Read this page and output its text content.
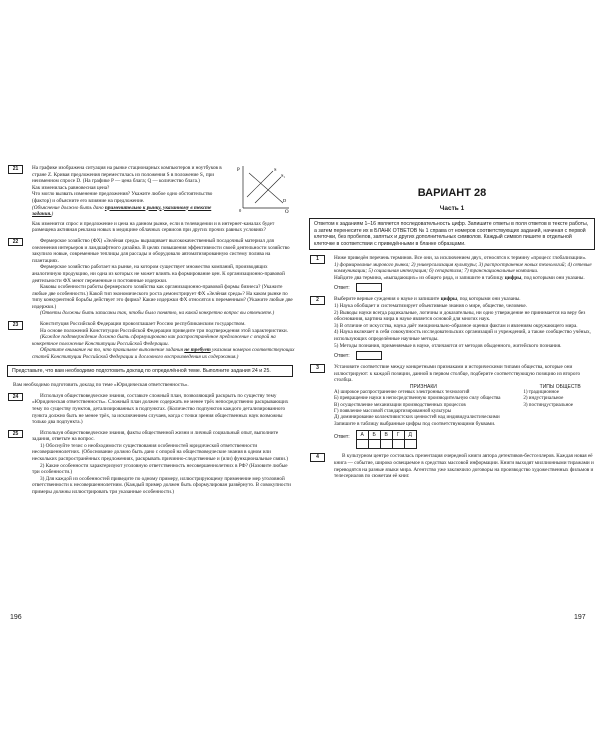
21	На графике изображена ситуация на рынке стационарных компьютеров и ноутбуков в стране Z. Кривая предложения переместилась из положения S в положение S₁ при неизменном спросе D. (На графике P — цена блага; Q — количество блага.)
Как изменилась равновесная цена?
Что могло вызвать изменение предложения? Укажите любое одно обстоятельство (фактор) и объясните его влияние на предложение.
(Объяснение должно быть дано применительно к рынку, указанному в тексте задания.)
P
Q
S
S₁
D
0
Как изменится спрос и предложение и цена на данном рынке, если в телевидении и в интернет-каналах будет размещена активная реклама новых в медицине облачных сервисов при других прочих равных условиях?
22	Фермерское хозяйство (ФХ) «Зелёная среда» выращивает высококачественный посадочный материал для озеленения интерьеров и ландшафтного дизайна. В целях повышения эффективности своей деятельности хозяйство закупило новые, современные теплицы для рассады и оборудовало автоматизированную систему полива на плантациях.
Фермерское хозяйство работает на рынке, на котором существует множество компаний, производящих аналогичную продукцию, ни одна из которых не может влиять на формирование цен. К организационно-правовой деятельности ФХ меют переменные и постоянные издержки.
Каковы особенности работы фермерского хозяйства как организационно-правовой формы бизнеса? (Укажите любые две особенности.) Какой тип экономического роста демонстрирует ФХ «Зелёная среда»? На каком рынке по типу конкурентной борьбы действует это фирма? Какие издержки ФХ относятся к переменным? (Укажите любые две издержки.)
(Ответы должны быть записаны так, чтобы было понятно, на какой конкретно вопрос вы отвечаете.)
23	Конституция Российской Федерации провозглашает Россию республиканским государством.
На основе положений Конституции Российской Федерации приведите три подтверждения этой характеристики.
(Каждое подтверждение должно быть сформулировано как распространённое предложение с опорой на конкретное положение Конституции Российской Федерации.
Обратите внимание на то, что правильное выполнение задания не требует указания номеров соответствующих статей Конституции Российской Федерации и дословного воспроизведения их содержания.)
Представьте, что вам необходимо подготовить доклад по определённой теме. Выполните задания 24 и 25.
Вам необходимо подготовить доклад по теме «Юридическая ответственность».
24	Используя обществоведческие знания, составьте сложный план, позволяющий раскрыть по существу тему «Юридическая ответственность». Сложный план должен содержать не менее трёх непосредственно раскрывающих тему по существу пунктов, детализированных в подпунктах. (Количество подпунктов каждого детализированного пункта должно быть не менее трёх, за исключением случаев, когда с точки зрения общественных наук возможны только два подпункта.)
25	Используя обществоведческие знания, факты общественной жизни и личный социальный опыт, выполните задания, ответьте на вопрос.
1) Обоснуйте тезис о необходимости существования особенностей юридической ответственности несовершеннолетних. (Обоснование должно быть дано с опорой на обществоведческие знания в одном или нескольких распространённых предложениях, раскрывать причинно-следственные и (или) функциональные связи.)
2) Какие особенности характеризуют уголовную ответственность несовершеннолетних в РФ? (Назовите любые три особенности.)
3) Для каждой из особенностей приведите по одному примеру, иллюстрирующему применение мер уголовной ответственности к несовершеннолетним. (Каждый пример должен быть сформулирован развёрнуто. В совокупности примеры должны иллюстрировать три указанные особенности.)
196
ВАРИАНТ 28
Часть 1
Ответом к заданиям 1–16 является последовательность цифр. Запишите ответы в поля ответов в тексте работы, а затем перенесите их в БЛАНК ОТВЕТОВ № 1 справа от номеров соответствующих заданий, начиная с первой клеточки, без пробелов, запятых и других дополнительных символов. Каждый символ пишите в отдельной клеточке в соответствии с приведёнными в бланке образцами.
1	Ниже приведён перечень терминов. Все они, за исключением двух, относятся к термину «процесс глобализации».
1) формирование мирового рынка; 2) универсализация культуры; 3) распространение новых технологий; 4) сетевые коммуникации; 5) социальная интеграция; 6) сепаратизм; 7) транснациональные компании.
Найдите два термина, «выпадающих» из общего ряда, и запишите в таблицу цифры, под которыми они указаны.
Ответ:
2	Выберите верные суждения о науке и запишите цифры, под которыми они указаны.
1) Наука обобщает и систематизирует объективные знания о мире, обществе, человеке.
2) Выводы науки всегда радикальные, логичны и доказательны, ни одно утверждение не принимается на веру без обоснования, картина мира в науке является основой для многих наук.
3) В отличие от искусства, наука даёт эмоционально-образное оценки фактам и явлениям окружающего мира.
4) Наука включает в себя совокупность исследовательских организаций и учреждений, а также сообщество учёных, использующих определённые научные методы.
5) Методы познания, применяемые в науке, отличаются от методов обыденного, житейского познания.
Ответ:
3	Установите соответствие между конкретными признаками и историческими типами общества, которые они иллюстрируют: к каждой позиции, данной в первом столбце, подберите соответствующую позицию из второго столбца.
ПРИЗНАКИ
А) широкое распространение сетевых электронных технологий
Б) превращение науки в непосредственную производительную силу общества
В) осуществление механизации производственных процессов
Г) появление массовой стандартизированной культуры
Д) доминирование коллективистских ценностей над индивидуалистическими
ТИПЫ ОБЩЕСТВ
1) традиционное
2) индустриальное
3) постиндустриальное
Запишите в таблицу выбранные цифры под соответствующими буквами.
Ответ: А	Б	В	Г	Д

4	В культурном центре состоялась презентация очередной книги автора детективов-бестселлеров. Каждая новая её книга — событие, широко освещаемое в средствах массовой информации. Книги выходят миллионными тиражами и переводятся на разные языки мира. Агентство уже заключило договоры на производство художественных фильмов и телесериалов по сюжетам её книг.
197
